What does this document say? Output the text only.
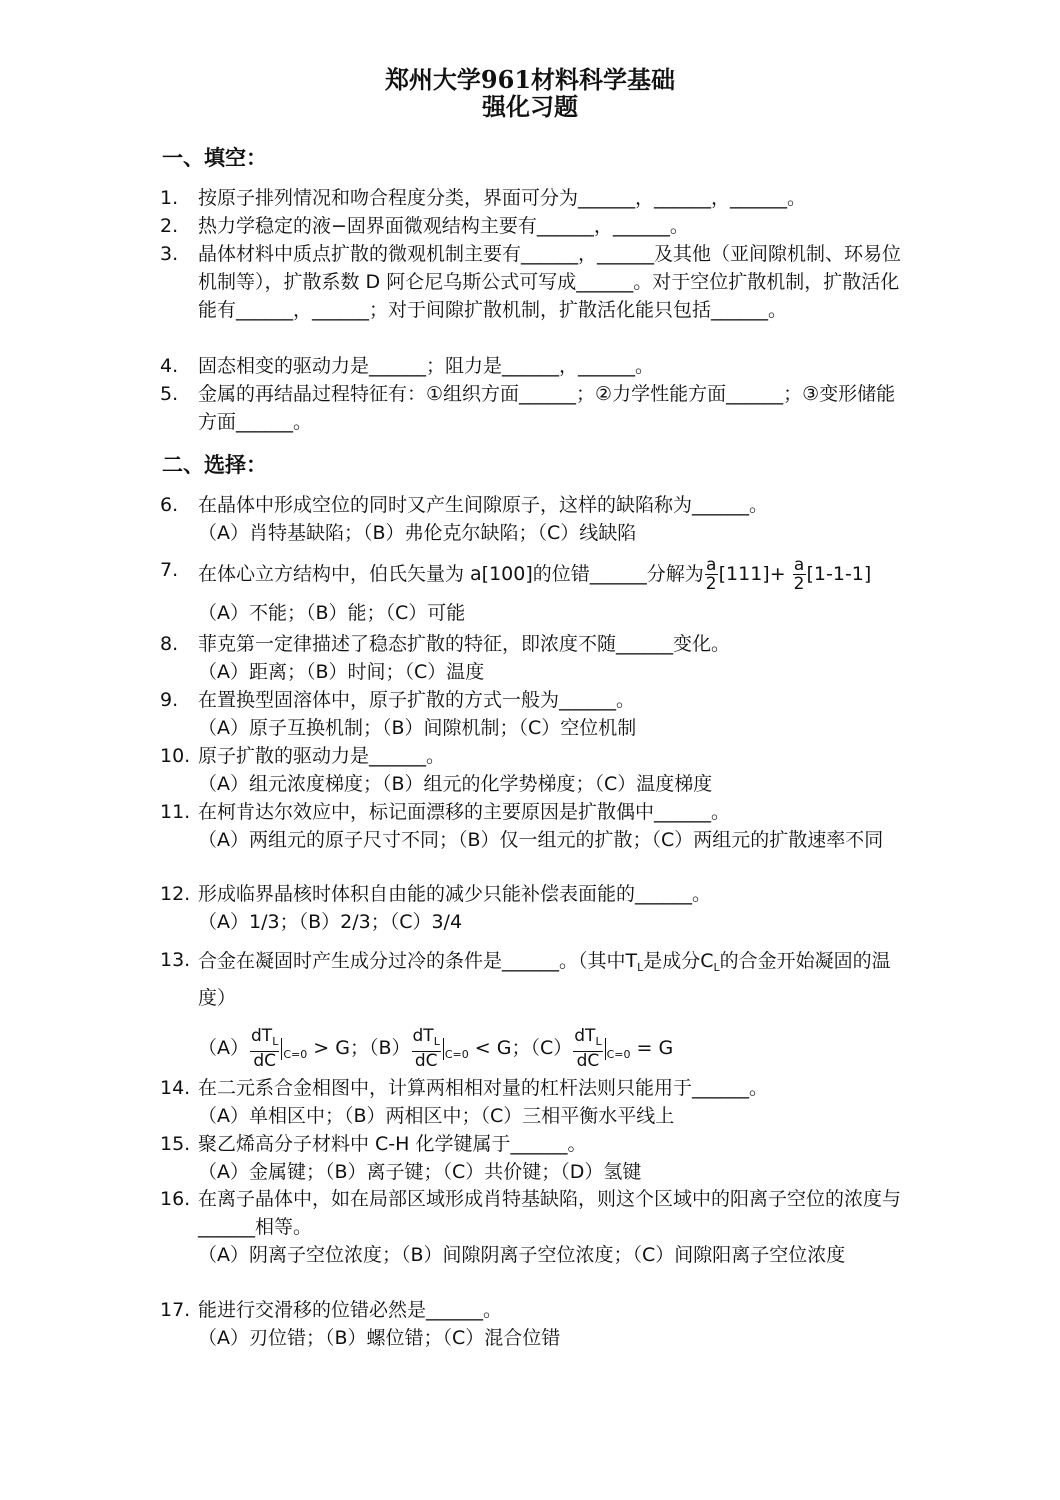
郑州大学961材料科学基础
强化习题
一、填空：
1.	按原子排列情况和吻合程度分类，界面可分为______，______，______。
2.	热力学稳定的液−固界面微观结构主要有______，______。
3.	晶体材料中质点扩散的微观机制主要有______，______及其他（亚间隙机制、环易位机制等），扩散系数 D 阿仑尼乌斯公式可写成______。对于空位扩散机制，扩散活化能有______，______；对于间隙扩散机制，扩散活化能只包括______。
4.	固态相变的驱动力是______；阻力是______，______。
5.	金属的再结晶过程特征有：①组织方面______；②力学性能方面______；③变形储能方面______。
二、选择：
6.	在晶体中形成空位的同时又产生间隙原子，这样的缺陷称为______。
（A）肖特基缺陷；（B）弗伦克尔缺陷；（C）线缺陷
7.	在体心立方结构中，伯氏矢量为 a[100]的位错______分解为 $\frac{a}{2} [111]+ \frac{a}{2} [1-1-1]$
（A）不能；（B）能；（C）可能
8.	菲克第一定律描述了稳态扩散的特征，即浓度不随______变化。
（A）距离；（B）时间；（C）温度
9.	在置换型固溶体中，原子扩散的方式一般为______。
（A）原子互换机制；（B）间隙机制；（C）空位机制
10. 原子扩散的驱动力是______。
（A）组元浓度梯度；（B）组元的化学势梯度；（C）温度梯度
11. 在柯肯达尔效应中，标记面漂移的主要原因是扩散偶中______。
（A）两组元的原子尺寸不同；（B）仅一组元的扩散；（C）两组元的扩散速率不同
12. 形成临界晶核时体积自由能的减少只能补偿表面能的______。
（A）1/3；（B）2/3；（C）3/4
13. 合金在凝固时产生成分过冷的条件是______。（其中$T_L$是成分$C_L$的合金开始凝固的温度）
$(A) \frac{dT_L}{dC} _{C=0} > G$；$(B) \frac{dT_L}{dC} _{C=0} < G$；$(C) \frac{dT_L}{dC} _{C=0} = G$
14. 在二元系合金相图中，计算两相相对量的杠杆法则只能用于______。
（A）单相区中；（B）两相区中；（C）三相平衡水平线上
15. 聚乙烯高分子材料中 C-H 化学键属于______。
（A）金属键；（B）离子键；（C）共价键；（D）氢键
16. 在离子晶体中，如在局部区域形成肖特基缺陷，则这个区域中的阳离子空位的浓度与______相等。
（A）阴离子空位浓度；（B）间隙阴离子空位浓度；（C）间隙阳离子空位浓度
17. 能进行交滑移的位错必然是______。
（A）刃位错；（B）螺位错；（C）混合位错
